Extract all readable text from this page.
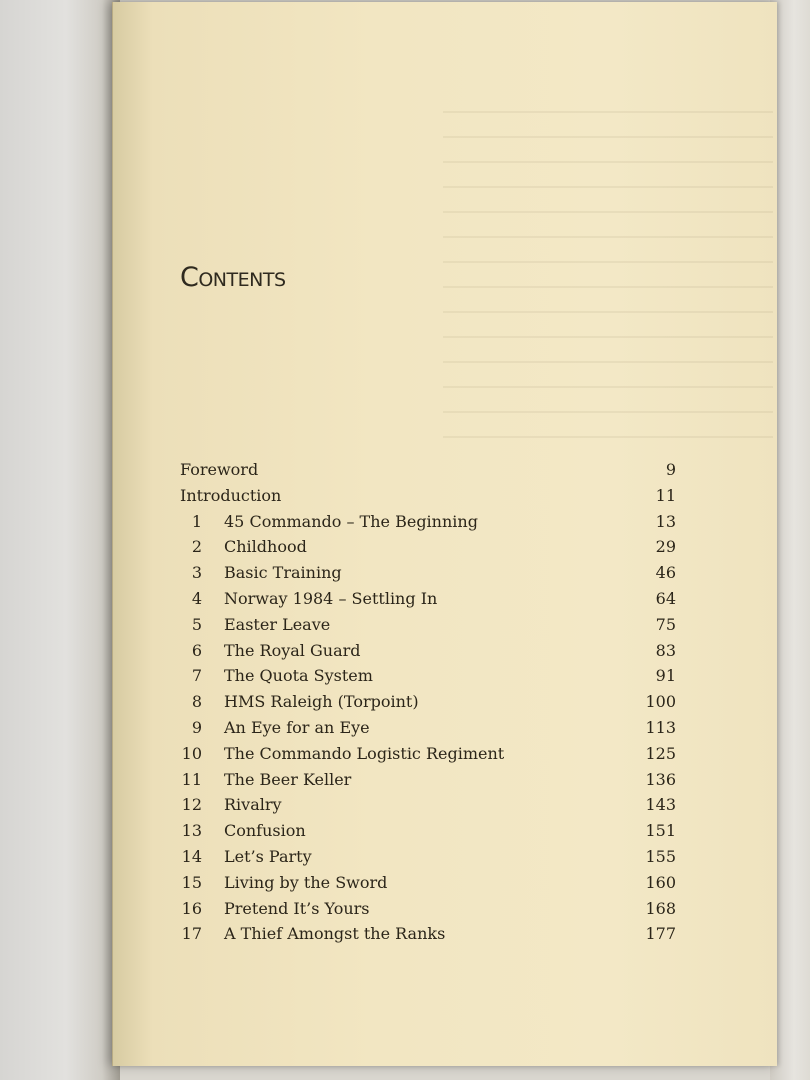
Contents
Foreword	9
Introduction	11
1 45 Commando – The Beginning	13
2 Childhood	29
3 Basic Training	46
4 Norway 1984 – Settling In	64
5 Easter Leave	75
6 The Royal Guard	83
7 The Quota System	91
8 HMS Raleigh (Torpoint)	100
9 An Eye for an Eye	113
10 The Commando Logistic Regiment	125
11 The Beer Keller	136
12 Rivalry	143
13 Confusion	151
14 Let’s Party	155
15 Living by the Sword	160
16 Pretend It’s Yours	168
17 A Thief Amongst the Ranks	177
